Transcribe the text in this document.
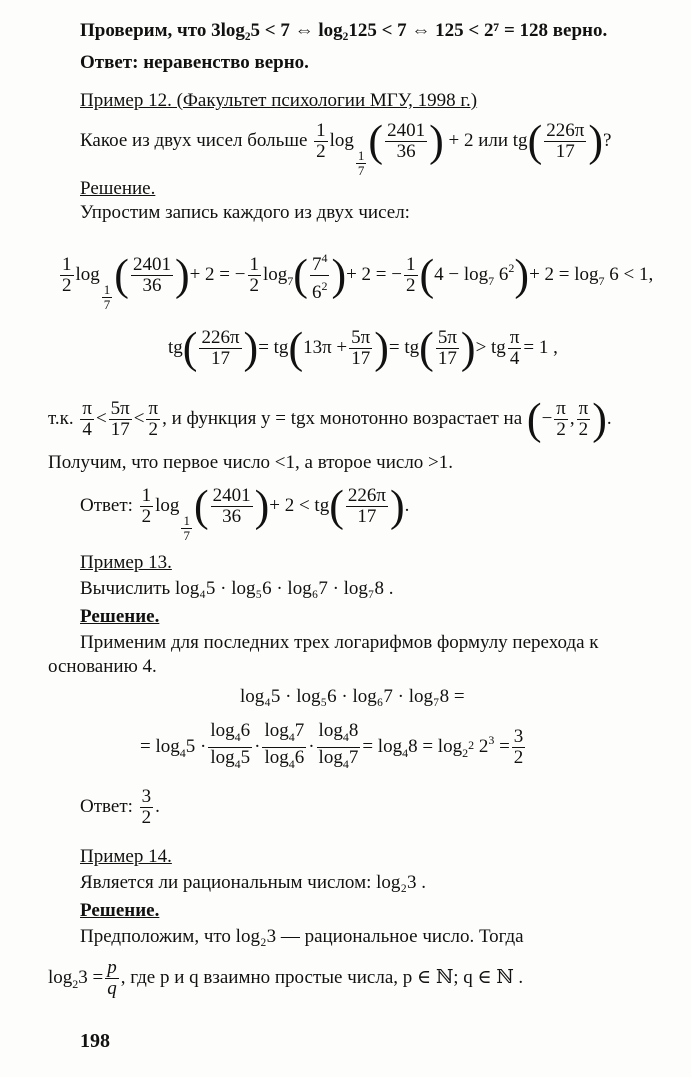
Проверим, что 3log₂5 < 7 ⇔ log₂125 < 7 ⇔ 125 < 2⁷ = 128 верно.
Ответ: неравенство верно.
Пример 12. (Факультет психологии МГУ, 1998 г.)
Какое из двух чисел больше $\frac{1}{2}$ log
$\frac{1}{7}$ ( $\frac{2401}{36}$ ) + 2 или $tg( \frac{226\pi}{17}$ )?
Решение.
Упростим запись каждого из двух чисел:
$\frac{1}{2}$ log
$\frac{1}{7}$ ( $\frac{2401}{36}$ )+ 2 = − $\frac{1}{2} \log_7( \frac{7^4}{6^2}$ )+ 2 = − $\frac{1}{2} (4 - \log_7 6^2)+ 2 = \log_7 6 < 1$,
$tg( \frac{226\pi}{17}$ )= $tg(13\pi + \frac{5\pi}{17}$ )= $tg( \frac{5\pi}{17}$ )> tg $\frac{\pi}{4} = 1$ ,
т.к. $\frac{\pi}{4} < \frac{5\pi}{17} < \frac{\pi}{2}$ , и функция y = tgx монотонно возрастает на (− $\frac{\pi}{2}$ , $\frac{\pi}{2}$ ).
Получим, что первое число <1, а второе число >1.
Ответ: $\frac{1}{2}$ log
$\frac{1}{7}$ ( $\frac{2401}{36}$ )+ $2 < tg( \frac{226\pi}{17}$ ).
Пример 13.
Вычислить log₄5 · log₅6 · log₆7 · log₇8 .
Решение.
Применим для последних трех логарифмов формулу перехода к
основанию 4.
log₄5 · log₅6 · log₆7 · log₇8 =
= $\log_45 \cdot \frac{\log_46}{\log_45} \cdot \frac{\log_47}{\log_46} \cdot \frac{\log_48}{\log_47} = \log_48 = \log_{22} 2^3 = \frac{3}{2}$
Ответ: $\frac{3}{2}$ .
Пример 14.
Является ли рациональным числом: log₂3 .
Решение.
Предположим, что log₂3 — рациональное число. Тогда
$\log_23 = \frac{p}{q}$ , где p и q взаимно простые числа, p ∈ ℕ; q ∈ ℕ .
198
